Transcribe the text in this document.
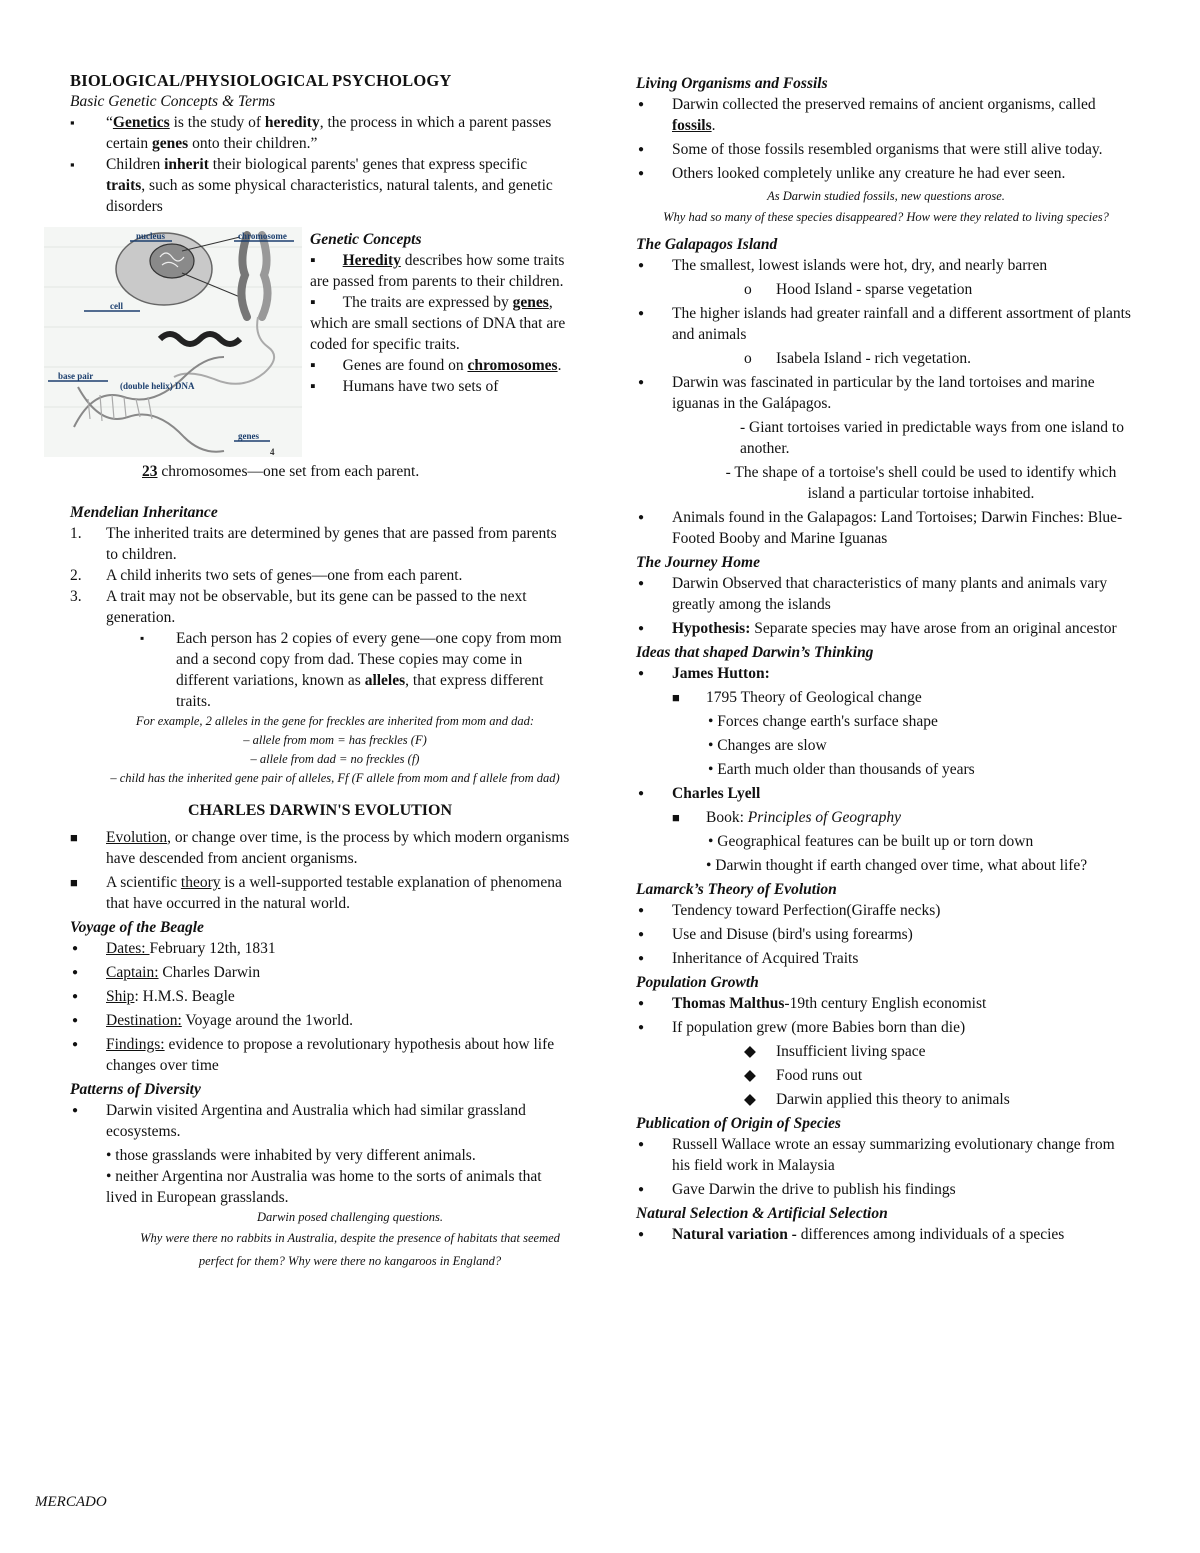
BIOLOGICAL/PHYSIOLOGICAL PSYCHOLOGY
Basic Genetic Concepts & Terms
▪ “Genetics is the study of heredity, the process in which a parent passes certain genes onto their children.”
▪ Children inherit their biological parents' genes that express specific traits, such as some physical characteristics, natural talents, and genetic disorders
nucleus	chromosome
cell
base pair
(double helix) DNA
genes
4
Genetic Concepts
▪       Heredity describes how some traits are passed from parents to their children.
▪       The traits are expressed by genes, which are small sections of DNA that are coded for specific traits.
▪       Genes are found on chromosomes.
▪       Humans have two sets of
23 chromosomes—one set from each parent.
Mendelian Inheritance
1. The inherited traits are determined by genes that are passed from parents to children.
2. A child inherits two sets of genes—one from each parent.
3. A trait may not be observable, but its gene can be passed to the next generation.
▪ Each person has 2 copies of every gene—one copy from mom and a second copy from dad. These copies may come in different variations, known as alleles, that express different traits.
For example, 2 alleles in the gene for freckles are inherited from mom and dad:
– allele from mom = has freckles (F)
– allele from dad = no freckles (f)
– child has the inherited gene pair of alleles, Ff (F allele from mom and f allele from dad)
CHARLES DARWIN'S EVOLUTION
■ Evolution, or change over time, is the process by which modern organisms have descended from ancient organisms.
■ A scientific theory is a well-supported testable explanation of phenomena that have occurred in the natural world.
Voyage of the Beagle
● Dates: February 12th, 1831
● Captain: Charles Darwin
● Ship: H.M.S. Beagle
● Destination: Voyage around the 1world.
● Findings: evidence to propose a revolutionary hypothesis about how life changes over time
Patterns of Diversity
● Darwin visited Argentina and Australia which had similar grassland ecosystems.
• those grasslands were inhabited by very different animals.
• neither Argentina nor Australia was home to the sorts of animals that lived in European grasslands.
Darwin posed challenging questions.
Why were there no rabbits in Australia, despite the presence of habitats that seemed perfect for them? Why were there no kangaroos in England?
Living Organisms and Fossils
● Darwin collected the preserved remains of ancient organisms, called fossils.
● Some of those fossils resembled organisms that were still alive today.
● Others looked completely unlike any creature he had ever seen.
As Darwin studied fossils, new questions arose.
Why had so many of these species disappeared? How were they related to living species?
The Galapagos Island
● The smallest, lowest islands were hot, dry, and nearly barren
o Hood Island - sparse vegetation
● The higher islands had greater rainfall and a different assortment of plants and animals
o Isabela Island - rich vegetation.
● Darwin was fascinated in particular by the land tortoises and marine iguanas in the Galápagos.
- Giant tortoises varied in predictable ways from one island to another.
- The shape of a tortoise's shell could be used to identify which island a particular tortoise inhabited.
● Animals found in the Galapagos: Land Tortoises; Darwin Finches: Blue-Footed Booby and Marine Iguanas
The Journey Home
● Darwin Observed that characteristics of many plants and animals vary greatly among the islands
● Hypothesis: Separate species may have arose from an original ancestor
Ideas that shaped Darwin’s Thinking
● James Hutton:
■ 1795 Theory of Geological change
• Forces change earth's surface shape
• Changes are slow
• Earth much older than thousands of years
● Charles Lyell
■ Book: Principles of Geography
• Geographical features can be built up or torn down
• Darwin thought if earth changed over time, what about life?
Lamarck’s Theory of Evolution
● Tendency toward Perfection(Giraffe necks)
● Use and Disuse (bird's using forearms)
● Inheritance of Acquired Traits
Population Growth
● Thomas Malthus-19th century English economist
● If population grew (more Babies born than die)
◆ Insufficient living space
◆ Food runs out
◆ Darwin applied this theory to animals
Publication of Origin of Species
● Russell Wallace wrote an essay summarizing evolutionary change from his field work in Malaysia
● Gave Darwin the drive to publish his findings
Natural Selection & Artificial Selection
● Natural variation - differences among individuals of a species
MERCADO
